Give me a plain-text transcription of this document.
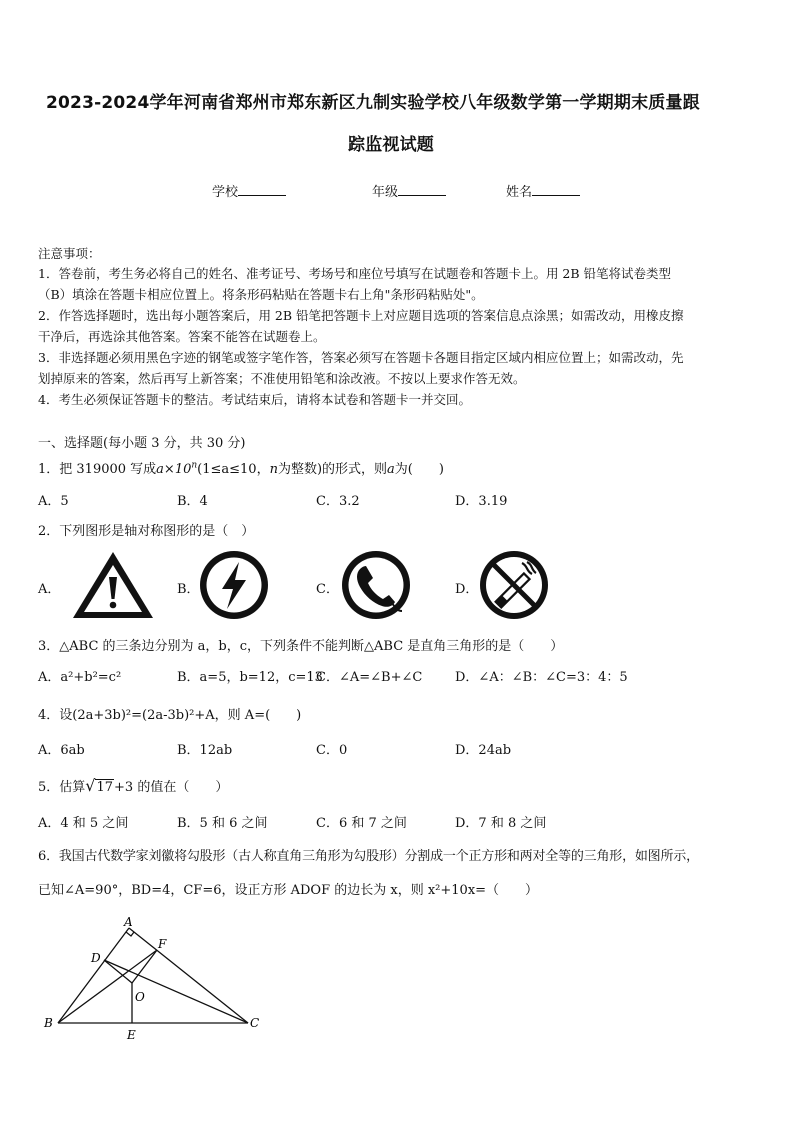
2023-2024学年河南省郑州市郑东新区九制实验学校八年级数学第一学期期末质量跟
踪监视试题
学校	年级	姓名
注意事项：
1．答卷前，考生务必将自己的姓名、准考证号、考场号和座位号填写在试题卷和答题卡上。用 2B 铅笔将试卷类型
（B）填涂在答题卡相应位置上。将条形码粘贴在答题卡右上角"条形码粘贴处"。
2．作答选择题时，选出每小题答案后，用 2B 铅笔把答题卡上对应题目选项的答案信息点涂黑；如需改动，用橡皮擦
干净后，再选涂其他答案。答案不能答在试题卷上。
3．非选择题必须用黑色字迹的钢笔或签字笔作答，答案必须写在答题卡各题目指定区域内相应位置上；如需改动，先
划掉原来的答案，然后再写上新答案；不准使用铅笔和涂改液。不按以上要求作答无效。
4．考生必须保证答题卡的整洁。考试结束后，请将本试卷和答题卡一并交回。
一、选择题(每小题 3 分，共 30 分)
1．把 319000 写成$a\times 10^n(1\le a\le 10$，n为整数)的形式，则a为(　　)
A．5	B．4	C．3.2	D．3.19
2．下列图形是轴对称图形的是（　）
A．	B．	C．	D．
3．△ABC 的三条边分别为 a，b，c，下列条件不能判断△ABC 是直角三角形的是（　　）
A．a²+b²=c²	B．a=5，b=12，c=13
C．∠A=∠B+∠C	D．∠A：∠B：∠C=3：4：5
4．设(2a+3b)²=(2a-3b)²+A，则 A=(　　)
A．6ab	B．12ab	C．0	D．24ab
5．估算√17+3 的值在（　　）
A．4 和 5 之间	B．5 和 6 之间	C．6 和 7 之间	D．7 和 8 之间
6．我国古代数学家刘徽将勾股形（古人称直角三角形为勾股形）分割成一个正方形和两对全等的三角形，如图所示，
已知∠A=90°，BD=4，CF=6，设正方形 ADOF 的边长为 x，则 x²+10x=（　　）
A
F
D
O
B
E
C
